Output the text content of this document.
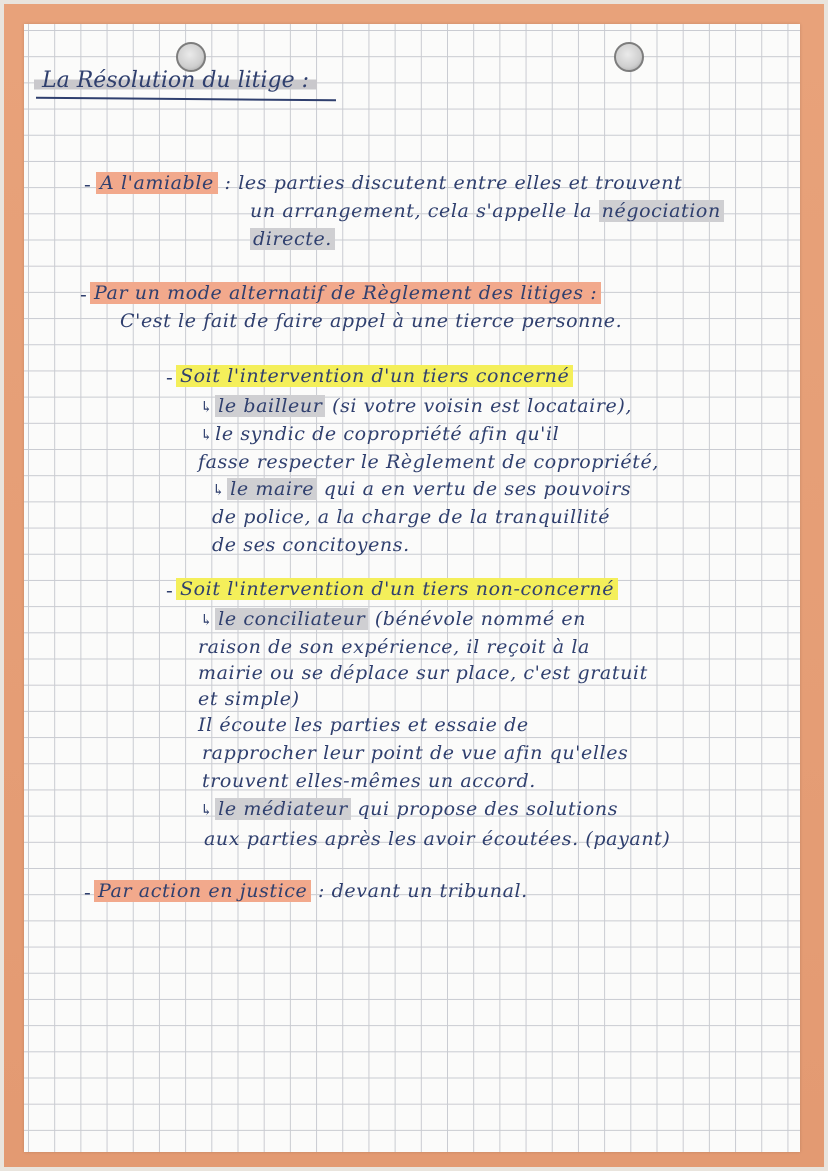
La Résolution du litige :
- A l'amiable : les parties discutent entre elles et trouvent
un arrangement, cela s'appelle la négociation
directe.
- Par un mode alternatif de Règlement des litiges :
C'est le fait de faire appel à une tierce personne.
- Soit l'intervention d'un tiers concerné
↳ le bailleur (si votre voisin est locataire),
↳ le syndic de copropriété afin qu'il
fasse respecter le Règlement de copropriété,
↳ le maire qui a en vertu de ses pouvoirs
de police, a la charge de la tranquillité
de ses concitoyens.
- Soit l'intervention d'un tiers non-concerné
↳ le conciliateur (bénévole nommé en
raison de son expérience, il reçoit à la
mairie ou se déplace sur place, c'est gratuit
et simple)
Il écoute les parties et essaie de
rapprocher leur point de vue afin qu'elles
trouvent elles-mêmes un accord.
↳ le médiateur qui propose des solutions
aux parties après les avoir écoutées. (payant)
- Par action en justice : devant un tribunal.
